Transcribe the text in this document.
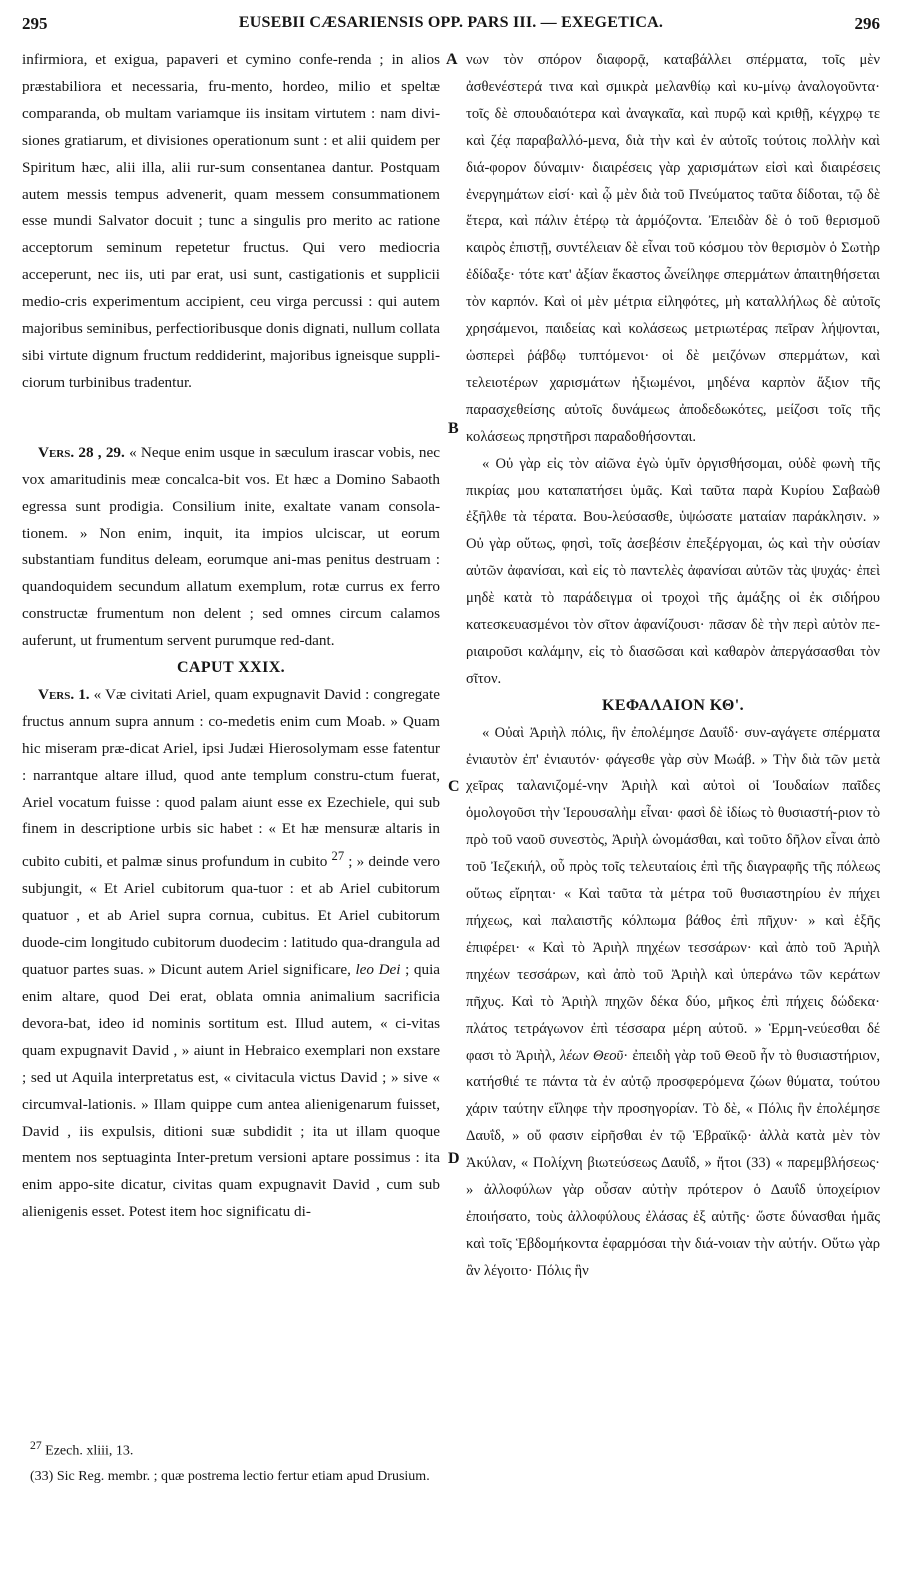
295	EUSEBII CÆSARIENSIS OPP. PARS III. — EXEGETICA.	296

infirmiora, et exigua, papaveri et cymino confe-renda ; in alios præstabiliora et necessaria, fru-mento, hordeo, milio et speltæ comparanda, ob multam variamque iis insitam virtutem : nam divi-siones gratiarum, et divisiones operationum sunt : et alii quidem per Spiritum hæc, alii illa, alii rur-sum consentanea dantur. Postquam autem messis tempus advenerit, quam messem consummationem esse mundi Salvator docuit ; tunc a singulis pro merito ac ratione acceptorum seminum repetetur fructus. Qui vero mediocria acceperunt, nec iis, uti par erat, usi sunt, castigationis et supplicii medio-cris experimentum accipient, ceu virga percussi : qui autem majoribus seminibus, perfectioribusque donis dignati, nullum collata sibi virtute dignum fructum reddiderint, majoribus igneisque suppli-ciorum turbinibus tradentur.

Vers. 28 , 29. « Neque enim usque in sæculum irascar vobis, nec vox amaritudinis meæ concalca-bit vos. Et hæc a Domino Sabaoth egressa sunt prodigia. Consilium inite, exaltate vanam consola-tionem. » Non enim, inquit, ita impios ulciscar, ut eorum substantiam funditus deleam, eorumque ani-mas penitus destruam : quandoquidem secundum allatum exemplum, rotæ currus ex ferro constructæ frumentum non delent ; sed omnes circum calamos auferunt, ut frumentum servent purumque red-dant.

CAPUT XXIX.

Vers. 1. « Væ civitati Ariel, quam expugnavit David : congregate fructus annum supra annum : co-medetis enim cum Moab. » Quam hic miseram præ-dicat Ariel, ipsi Judæi Hierosolymam esse fatentur : narrantque altare illud, quod ante templum constru-ctum fuerat, Ariel vocatum fuisse : quod palam aiunt esse ex Ezechiele, qui sub finem in descriptione urbis sic habet : « Et hæ mensuræ altaris in cubito cubiti, et palmæ sinus profundum in cubito $^{27}$ ; » deinde vero subjungit, « Et Ariel cubitorum qua-tuor : et ab Ariel cubitorum quatuor , et ab Ariel supra cornua, cubitus. Et Ariel cubitorum duode-cim longitudo cubitorum duodecim : latitudo qua-drangula ad quatuor partes suas. » Dicunt autem Ariel significare, leo Dei ; quia enim altare, quod Dei erat, oblata omnia animalium sacrificia devora-bat, ideo id nominis sortitum est. Illud autem, « ci-vitas quam expugnavit David , » aiunt in Hebraico exemplari non exstare ; sed ut Aquila interpretatus est, « civitacula victus David ; » sive « circumval-lationis. » Illam quippe cum antea alienigenarum fuisset, David , iis expulsis, ditioni suæ subdidit ; ita ut illam quoque mentem nos septuaginta Inter-pretum versioni aptare possimus : ita enim appo-site dicatur, civitas quam expugnavit David , cum sub alienigenis esset. Potest item hoc significatu di-

A
B
C
D

νων τὸν σπόρον διαφορᾷ, καταβάλλει σπέρματα, τοῖς μὲν ἀσθενέστερά τινα καὶ σμικρὰ μελανθίῳ καὶ κυ-μίνῳ ἀναλογοῦντα· τοῖς δὲ σπουδαιότερα καὶ ἀναγκαῖα, καὶ πυρῷ καὶ κριθῇ, κέγχρῳ τε καὶ ζέᾳ παραβαλλό-μενα, διὰ τὴν καὶ ἐν αὐτοῖς τούτοις πολλὴν καὶ διά-φορον δύναμιν· διαιρέσεις γὰρ χαρισμάτων εἰσὶ καὶ διαιρέσεις ἐνεργημάτων εἰσί· καὶ ᾧ μὲν διὰ τοῦ Πνεύματος ταῦτα δίδοται, τῷ δὲ ἕτερα, καὶ πάλιν ἑτέρῳ τὰ ἁρμόζοντα. Ἐπειδὰν δὲ ὁ τοῦ θερισμοῦ καιρὸς ἐπιστῇ, συντέλειαν δὲ εἶναι τοῦ κόσμου τὸν θερισμὸν ὁ Σωτὴρ ἐδίδαξε· τότε κατ' ἀξίαν ἕκαστος ὧνείληφε σπερμάτων ἀπαιτηθήσεται τὸν καρπόν. Καὶ οἱ μὲν μέτρια εἰληφότες, μὴ καταλλήλως δὲ αὐτοῖς χρησάμενοι, παιδείας καὶ κολάσεως μετριωτέρας πεῖραν λήψονται, ὡσπερεὶ ῥάβδῳ τυπτόμενοι· οἱ δὲ μειζόνων σπερμάτων, καὶ τελειοτέρων χαρισμάτων ἠξιωμένοι, μηδένα καρπὸν ἄξιον τῆς παρασχεθείσης αὐτοῖς δυνάμεως ἀποδεδωκότες, μείζοσι τοῖς τῆς κολάσεως πρηστῆρσι παραδοθήσονται.

« Οὐ γὰρ εἰς τὸν αἰῶνα ἐγὼ ὑμῖν ὀργισθήσομαι, οὐδὲ φωνὴ τῆς πικρίας μου καταπατήσει ὑμᾶς. Καὶ ταῦτα παρὰ Κυρίου Σαβαὼθ ἐξῆλθε τὰ τέρατα. Βου-λεύσασθε, ὑψώσατε ματαίαν παράκλησιν. » Οὐ γὰρ οὕτως, φησὶ, τοῖς ἀσεβέσιν ἐπεξέργομαι, ὡς καὶ τὴν οὐσίαν αὐτῶν ἀφανίσαι, καὶ εἰς τὸ παντελὲς ἀφανίσαι αὐτῶν τὰς ψυχάς· ἐπεὶ μηδὲ κατὰ τὸ παράδειγμα οἱ τροχοὶ τῆς ἁμάξης οἱ ἐκ σιδήρου κατεσκευασμένοι τὸν σῖτον ἀφανίζουσι· πᾶσαν δὲ τὴν περὶ αὐτὸν πε-ριαιροῦσι καλάμην, εἰς τὸ διασῶσαι καὶ καθαρὸν ἀπεργάσασθαι τὸν σῖτον.

ΚΕΦΑΛΑΙΟΝ ΚΘ'.

« Οὐαὶ Ἀριὴλ πόλις, ἣν ἐπολέμησε Δαυΐδ· συν-αγάγετε σπέρματα ἐνιαυτὸν ἐπ' ἐνιαυτόν· φάγεσθε γὰρ σὺν Μωάβ. » Τὴν διὰ τῶν μετὰ χεῖρας ταλανιζομέ-νην Ἀριὴλ καὶ αὐτοὶ οἱ Ἰουδαίων παῖδες ὁμολογοῦσι τὴν Ἱερουσαλὴμ εἶναι· φασὶ δὲ ἰδίως τὸ θυσιαστή-ριον τὸ πρὸ τοῦ ναοῦ συνεστὸς, Ἀριὴλ ὠνομάσθαι, καὶ τοῦτο δῆλον εἶναι ἀπὸ τοῦ Ἰεζεκιήλ, οὗ πρὸς τοῖς τελευταίοις ἐπὶ τῆς διαγραφῆς τῆς πόλεως οὕτως εἴρηται· « Καὶ ταῦτα τὰ μέτρα τοῦ θυσιαστηρίου ἐν πήχει πήχεως, καὶ παλαιστῆς κόλπωμα βάθος ἐπὶ πῆχυν· » καὶ ἑξῆς ἐπιφέρει· « Καὶ τὸ Ἀριὴλ πηχέων τεσσάρων· καὶ ἀπὸ τοῦ Ἀριὴλ πηχέων τεσσάρων, καὶ ἀπὸ τοῦ Ἀριὴλ καὶ ὑπεράνω τῶν κεράτων πῆχυς. Καὶ τὸ Ἀριὴλ πηχῶν δέκα δύο, μῆκος ἐπὶ πήχεις δώδεκα· πλάτος τετράγωνον ἐπὶ τέσσαρα μέρη αὐτοῦ. » Ἑρμη-νεύεσθαι δέ φασι τὸ Ἀριὴλ, λέων Θεοῦ· ἐπειδὴ γὰρ τοῦ Θεοῦ ἦν τὸ θυσιαστήριον, κατήσθιέ τε πάντα τὰ ἐν αὐτῷ προσφερόμενα ζώων θύματα, τούτου χάριν ταύτην εἴληφε τὴν προσηγορίαν. Τὸ δὲ, « Πόλις ἣν ἐπολέμησε Δαυΐδ, » οὔ φασιν εἰρῆσθαι ἐν τῷ Ἑβραϊκῷ· ἀλλὰ κατὰ μὲν τὸν Ἀκύλαν, « Πολίχνη βιωτεύσεως Δαυΐδ, » ἤτοι (33) « παρεμβλήσεως· » ἀλλοφύλων γὰρ οὖσαν αὐτὴν πρότερον ὁ Δαυΐδ ὑποχείριον ἐποιήσατο, τοὺς ἀλλοφύλους ἐλάσας ἐξ αὐτῆς· ὥστε δύνασθαι ἡμᾶς καὶ τοῖς Ἑβδομήκοντα ἐφαρμόσαι τὴν διά-νοιαν τὴν αὐτήν. Οὕτω γὰρ ἂν λέγοιτο· Πόλις ἣν

$^{27}$ Ezech. xliii, 13.

(33) Sic Reg. membr. ; quæ postrema lectio fertur etiam apud Drusium.
